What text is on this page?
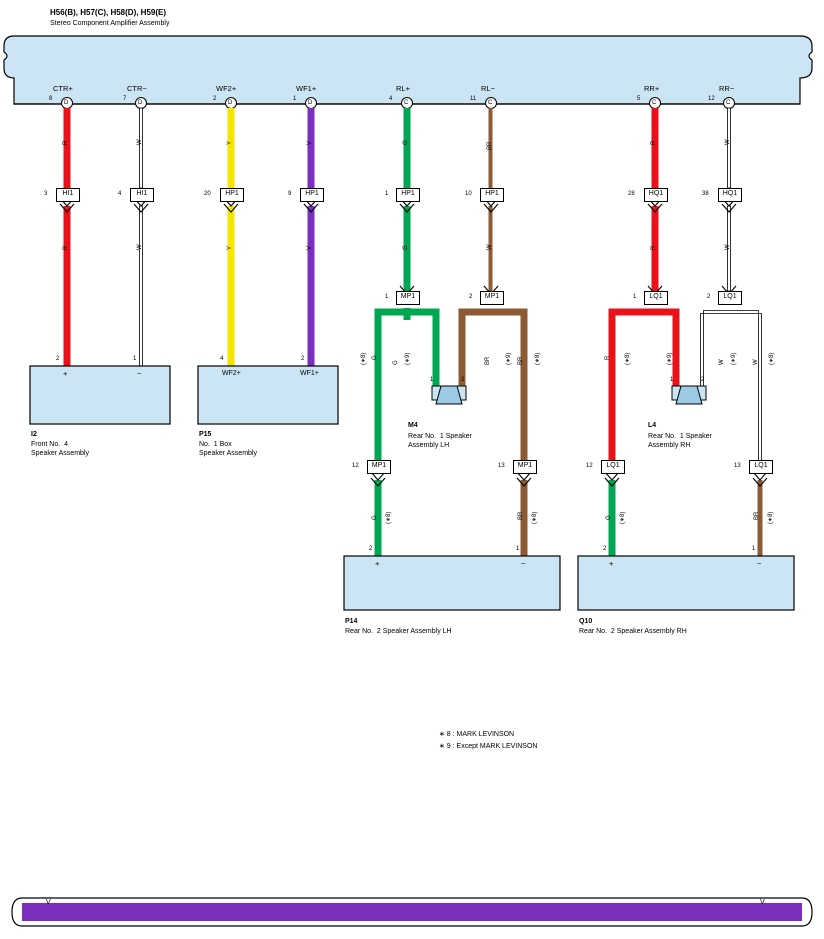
H56(B), H57(C), H58(D), H59(E)
Stereo Component Amplifier Assembly
CTR+
8
D
CTR−
7
D
WF2+
2
D
WF1+
1
D
RL+
4
C
RL−
11
C
RR+
5
C
RR−
12
C
R	W	Y	V	G	BR	R	W
R	W	Y	V	G	W	R	W
G
G	(∗9)	BR
(∗9)
BR	(∗8)
(∗8)	R	(∗8)	(∗9)	W	(∗9)	W	(∗8)
G	(∗8)	BR	(∗8)	G	(∗8)	BR	(∗8)
HI1
3	HI1
4	HP1
20	HP1
9	HP1
1	HP1
10	HQ1
28	HQ1
38
MP1
1	MP1
2	LQ1
1	LQ1
2
MP1
12	MP1
13	LQ1
12	LQ1
13
2
+
1
−
I2
Front No.  4
Speaker Assembly
4
WF2+
2
WF1+
P15
No.  1 Box
Speaker Assembly
2
+
1
−
P14
Rear No.  2 Speaker Assembly LH
2
+
1
−
Q10
Rear No.  2 Speaker Assembly RH
1	2
M4
Rear No.  1 Speaker
Assembly LH
1	2
L4
Rear No.  1 Speaker
Assembly RH
∗ 8 : MARK LEVINSON
∗ 9 : Except MARK LEVINSON
V	V
